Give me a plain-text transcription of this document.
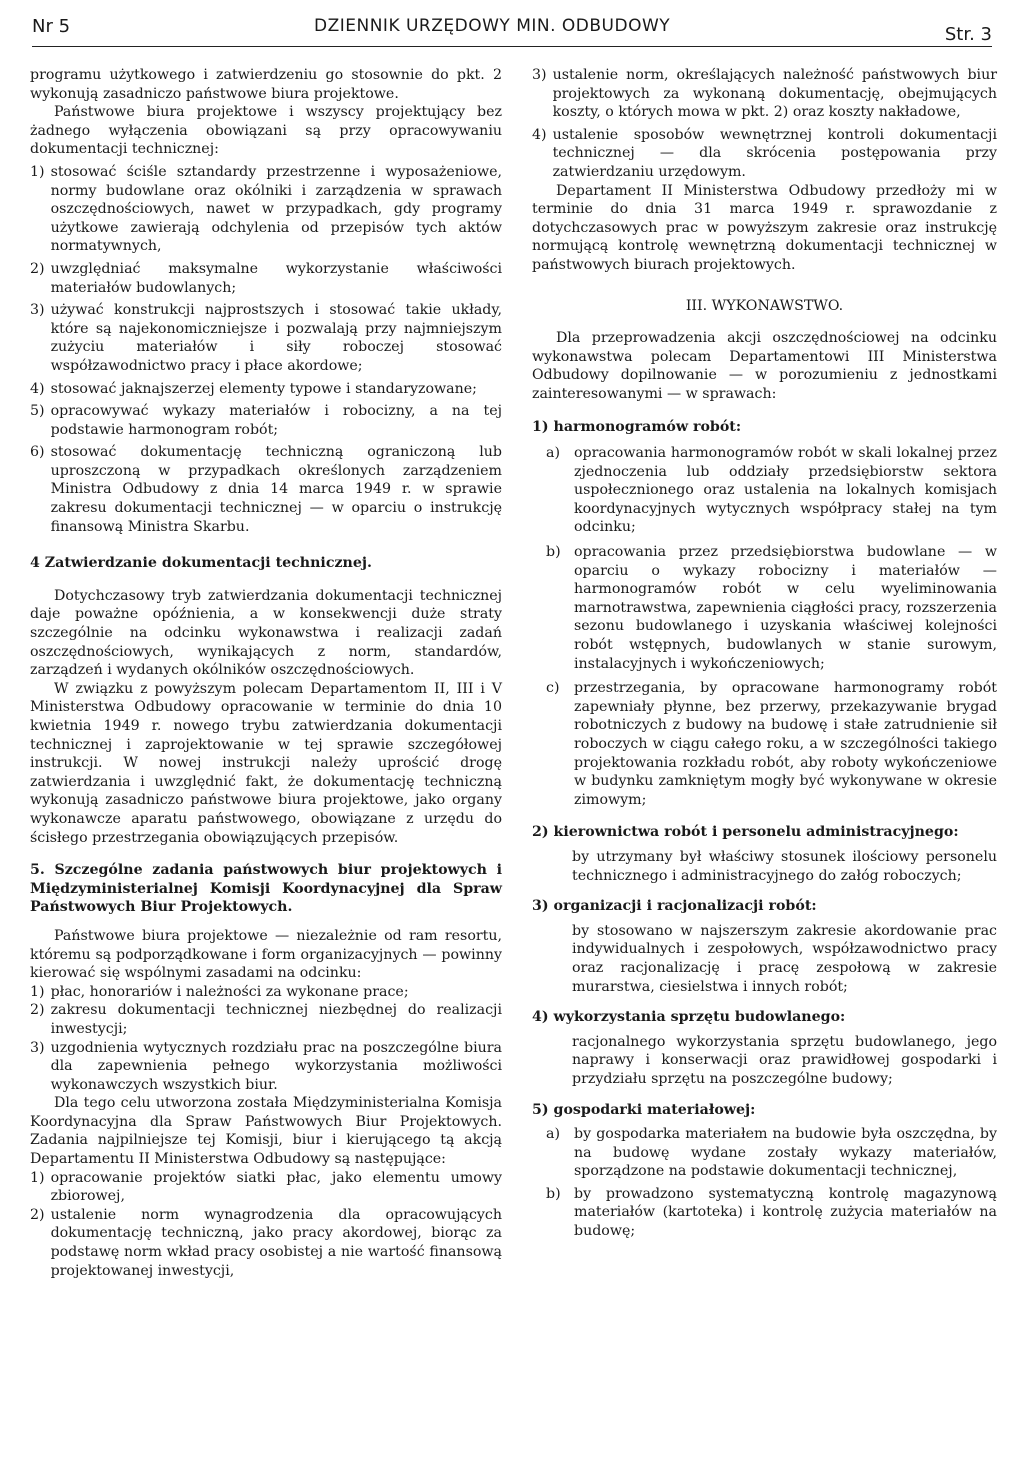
Nr 5	DZIENNIK URZĘDOWY MIN. ODBUDOWY	Str. 3

programu użytkowego i zatwierdzeniu go stosownie do pkt. 2 wykonują zasadniczo państwowe biura projektowe.

Państwowe biura projektowe i wszyscy projektujący bez żadnego wyłączenia obowiązani są przy opracowywaniu dokumentacji technicznej:

1) stosować ściśle sztandardy przestrzenne i wyposażeniowe, normy budowlane oraz okólniki i zarządzenia w sprawach oszczędnościowych, nawet w przypadkach, gdy programy użytkowe zawierają odchylenia od przepisów tych aktów normatywnych,
2) uwzględniać maksymalne wykorzystanie właściwości materiałów budowlanych;
3) używać konstrukcji najprostszych i stosować takie układy, które są najekonomiczniejsze i pozwalają przy najmniejszym zużyciu materiałów i siły roboczej stosować współzawodnictwo pracy i płace akordowe;
4) stosować jaknajszerzej elementy typowe i standaryzowane;
5) opracowywać wykazy materiałów i robocizny, a na tej podstawie harmonogram robót;
6) stosować dokumentację techniczną ograniczoną lub uproszczoną w przypadkach określonych zarządzeniem Ministra Odbudowy z dnia 14 marca 1949 r. w sprawie zakresu dokumentacji technicznej — w oparciu o instrukcję finansową Ministra Skarbu.

4 Zatwierdzanie dokumentacji technicznej.

Dotychczasowy tryb zatwierdzania dokumentacji technicznej daje poważne opóźnienia, a w konsekwencji duże straty szczególnie na odcinku wykonawstwa i realizacji zadań oszczędnościowych, wynikających z norm, standardów, zarządzeń i wydanych okólników oszczędnościowych.

W związku z powyższym polecam Departamentom II, III i V Ministerstwa Odbudowy opracowanie w terminie do dnia 10 kwietnia 1949 r. nowego trybu zatwierdzania dokumentacji technicznej i zaprojektowanie w tej sprawie szczegółowej instrukcji. W nowej instrukcji należy uprościć drogę zatwierdzania i uwzględnić fakt, że dokumentację techniczną wykonują zasadniczo państwowe biura projektowe, jako organy wykonawcze aparatu państwowego, obowiązane z urzędu do ścisłego przestrzegania obowiązujących przepisów.

5. Szczególne zadania państwowych biur projektowych i Międzyministerialnej Komisji Koordynacyjnej dla Spraw Państwowych Biur Projektowych.

Państwowe biura projektowe — niezależnie od ram resortu, któremu są podporządkowane i form organizacyjnych — powinny kierować się wspólnymi zasadami na odcinku:

1) płac, honorariów i należności za wykonane prace;
2) zakresu dokumentacji technicznej niezbędnej do realizacji inwestycji;
3) uzgodnienia wytycznych rozdziału prac na poszczególne biura dla zapewnienia pełnego wykorzystania możliwości wykonawczych wszystkich biur.

Dla tego celu utworzona została Międzyministerialna Komisja Koordynacyjna dla Spraw Państwowych Biur Projektowych. Zadania najpilniejsze tej Komisji, biur i kierującego tą akcją Departamentu II Ministerstwa Odbudowy są następujące:

1) opracowanie projektów siatki płac, jako elementu umowy zbiorowej,
2) ustalenie norm wynagrodzenia dla opracowujących dokumentację techniczną, jako pracy akordowej, biorąc za podstawę norm wkład pracy osobistej a nie wartość finansową projektowanej inwestycji,
3) ustalenie norm, określających należność państwowych biur projektowych za wykonaną dokumentację, obejmujących koszty, o których mowa w pkt. 2) oraz koszty nakładowe,
4) ustalenie sposobów wewnętrznej kontroli dokumentacji technicznej — dla skrócenia postępowania przy zatwierdzaniu urzędowym.

Departament II Ministerstwa Odbudowy przedłoży mi w terminie do dnia 31 marca 1949 r. sprawozdanie z dotychczasowych prac w powyższym zakresie oraz instrukcję normującą kontrolę wewnętrzną dokumentacji technicznej w państwowych biurach projektowych.

III. WYKONAWSTWO.

Dla przeprowadzenia akcji oszczędnościowej na odcinku wykonawstwa polecam Departamentowi III Ministerstwa Odbudowy dopilnowanie — w porozumieniu z jednostkami zainteresowanymi — w sprawach:

1) harmonogramów robót:

a) opracowania harmonogramów robót w skali lokalnej przez zjednoczenia lub oddziały przedsiębiorstw sektora uspołecznionego oraz ustalenia na lokalnych komisjach koordynacyjnych wytycznych współpracy stałej na tym odcinku;
b) opracowania przez przedsiębiorstwa budowlane — w oparciu o wykazy robocizny i materiałów — harmonogramów robót w celu wyeliminowania marnotrawstwa, zapewnienia ciągłości pracy, rozszerzenia sezonu budowlanego i uzyskania właściwej kolejności robót wstępnych, budowlanych w stanie surowym, instalacyjnych i wykończeniowych;
c)	przestrzegania, by opracowane harmonogramy robót zapewniały płynne, bez przerwy, przekazywanie brygad robotniczych z budowy na budowę i stałe zatrudnienie sił roboczych w ciągu całego roku, a w szczególności takiego projektowania rozkładu robót, aby roboty wykończeniowe w budynku zamkniętym mogły być wykonywane w okresie zimowym;

2) kierownictwa robót i personelu administracyjnego:

by utrzymany był właściwy stosunek ilościowy personelu technicznego i administracyjnego do załóg roboczych;

3) organizacji i racjonalizacji robót:

by stosowano w najszerszym zakresie akordowanie prac indywidualnych i zespołowych, współzawodnictwo pracy oraz racjonalizację i pracę zespołową w zakresie murarstwa, ciesielstwa i innych robót;

4) wykorzystania sprzętu budowlanego:

racjonalnego wykorzystania sprzętu budowlanego, jego naprawy i konserwacji oraz prawidłowej gospodarki i przydziału sprzętu na poszczególne budowy;

5) gospodarki materiałowej:

a) by gospodarka materiałem na budowie była oszczędna, by na budowę wydane zostały wykazy materiałów, sporządzone na podstawie dokumentacji technicznej,
b) by prowadzono systematyczną kontrolę magazynową materiałów (kartoteka) i kontrolę zużycia materiałów na budowę;
